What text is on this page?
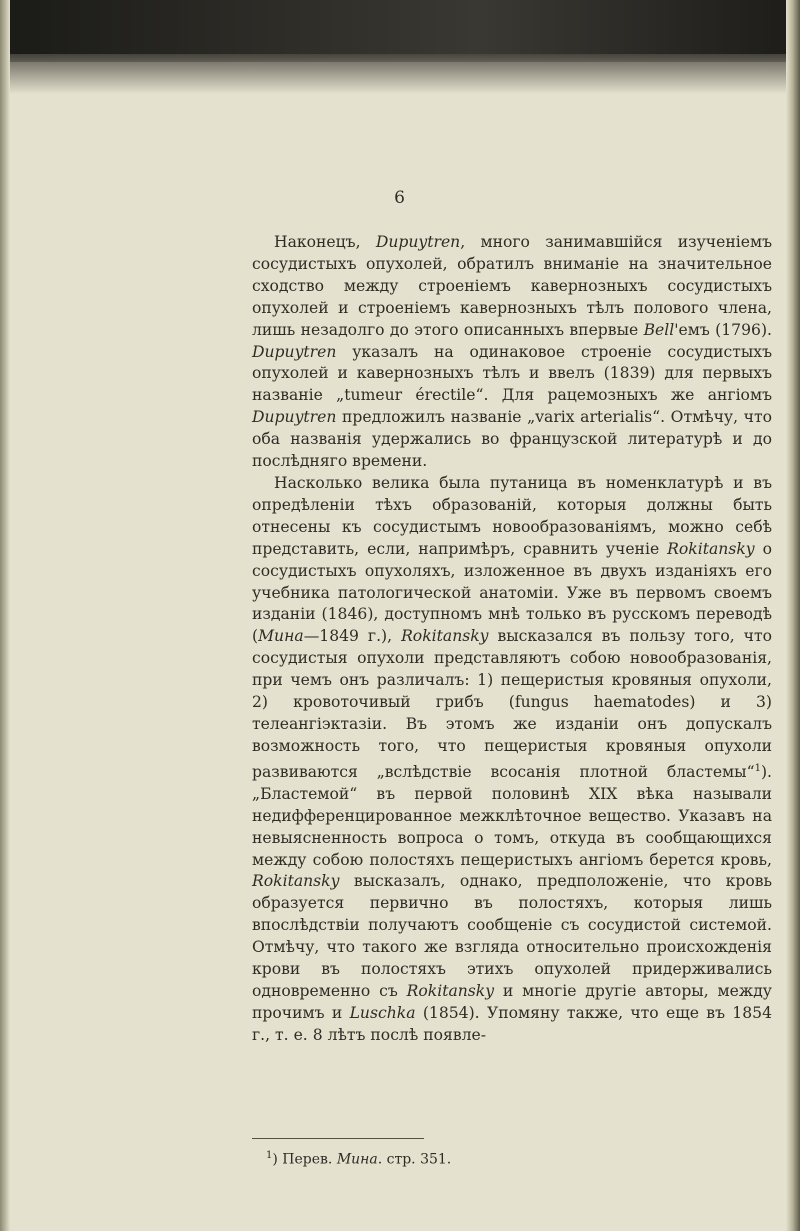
6

Наконецъ, Dupuytren, много занимавшійся изученіемъ сосудистыхъ опухолей, обратилъ вниманіе на значительное сходство между строеніемъ кавернозныхъ сосудистыхъ опухолей и строеніемъ кавернозныхъ тѣлъ полового члена, лишь незадолго до этого описанныхъ впервые Bell'емъ (1796). Dupuytren указалъ на одинаковое строеніе сосудистыхъ опухолей и кавернозныхъ тѣлъ и ввелъ (1839) для первыхъ названіе „tumeur érectile“. Для рацемозныхъ же ангіомъ Dupuytren предложилъ названіе „varix arterialis“. Отмѣчу, что оба названія удержались во французской литературѣ и до послѣдняго времени.

Насколько велика была путаница въ номенклатурѣ и въ опредѣленіи тѣхъ образованій, которыя должны быть отнесены къ сосудистымъ новообразованіямъ, можно себѣ представить, если, напримѣръ, сравнить ученіе Rokitansky о сосудистыхъ опухоляхъ, изложенное въ двухъ изданіяхъ его учебника патологической анатоміи. Уже въ первомъ своемъ изданіи (1846), доступномъ мнѣ только въ русскомъ переводѣ (Мина—1849 г.), Rokitansky высказался въ пользу того, что сосудистыя опухоли представляютъ собою новообразованія, при чемъ онъ различалъ: 1) пещеристыя кровяныя опухоли, 2) кровоточивый грибъ (fungus haematodes) и 3) телеангіэктазіи. Въ этомъ же изданіи онъ допускалъ возможность того, что пещеристыя кровяныя опухоли развиваются „вслѣдствіе всосанія плотной бластемы“$^1$). „Бластемой“ въ первой половинѣ XIX вѣка называли недифференцированное межклѣточное вещество. Указавъ на невыясненность вопроса о томъ, откуда въ сообщающихся между собою полостяхъ пещеристыхъ ангіомъ берется кровь, Rokitansky высказалъ, однако, предположеніе, что кровь образуется первично въ полостяхъ, которыя лишь впослѣдствіи получаютъ сообщеніе съ сосудистой системой. Отмѣчу, что такого же взгляда относительно происхожденія крови въ полостяхъ этихъ опухолей придерживались одновременно съ Rokitansky и многіе другіе авторы, между прочимъ и Luschka (1854). Упомяну также, что еще въ 1854 г., т. е. 8 лѣтъ послѣ появле-

$^1$) Перев. Мина. стр. 351.
